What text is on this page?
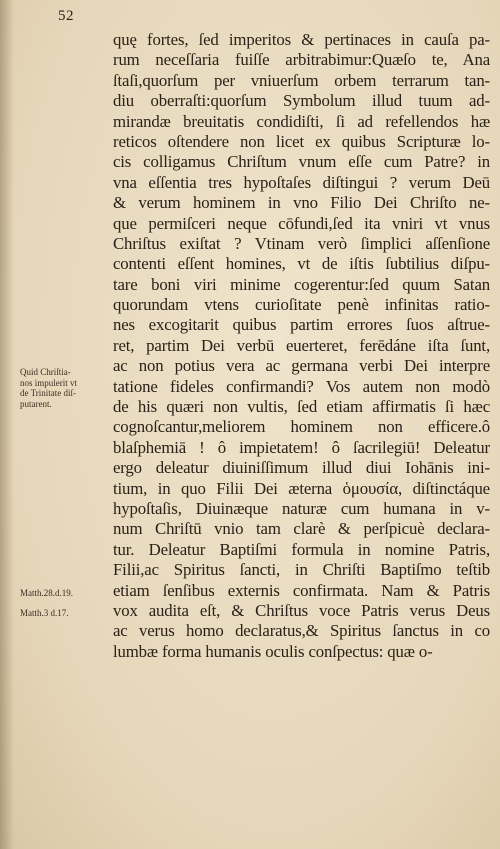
52
quę fortes, ſed imperitos & pertinaces in cauſa pa-
rum neceſſaria fuiſſe arbitrabimur:Quæſo te, Ana
ſtaſi,quorſum per vniuerſum orbem terrarum tan-
diu oberraſti:quorſum Symbolum illud tuum ad-
mirandæ breuitatis condidiſti, ſi ad refellendos hæ
reticos oſtendere non licet ex quibus Scripturæ lo-
cis colligamus Chriſtum vnum eſſe cum Patre? in
vna eſſentia tres hypoſtaſes diſtingui ? verum Deū
& verum hominem in vno Filio Dei Chriſto ne-
que permiſceri neque cōfundi,ſed ita vniri vt vnus
Chriſtus exiſtat ? Vtinam verò ſimplici aſſenſione
contenti eſſent homines, vt de iſtis ſubtilius diſpu-
tare boni viri minime cogerentur:ſed quum Satan
quorundam vtens curioſitate penè infinitas ratio-
nes excogitarit quibus partim errores ſuos aſtrue-
ret, partim Dei verbū euerteret, ferēdáne iſta ſunt,
ac non potius vera ac germana verbi Dei interpre
tatione fideles confirmandi? Vos autem non modò
de his quæri non vultis, ſed etiam affirmatis ſi hæc
cognoſcantur,meliorem hominem non efficere.ô
blaſphemiā ! ô impietatem! ô ſacrilegiū! Deleatur
ergo deleatur diuiniſſimum illud diui Iohānis ini-
tium, in quo Filii Dei æterna ὁμουσία, diſtinctáque
hypoſtaſis, Diuinæque naturæ cum humana in v-
num Chriſtū vnio tam clarè & perſpicuè declara-
tur. Deleatur Baptiſmi formula in nomine Patris,
Filii,ac Spiritus ſancti, in Chriſti Baptiſmo teſtib
etiam ſenſibus externis confirmata. Nam & Patris
vox audita eſt, & Chriſtus voce Patris verus Deus
ac verus homo declaratus,& Spiritus ſanctus in co
lumbæ forma humanis oculis conſpectus: quæ o-
Quid Chriſtia-
nos impulerit vt
de Trinitate diſ-
putarent.
Matth.28.d.19.
Matth.3 d.17.
